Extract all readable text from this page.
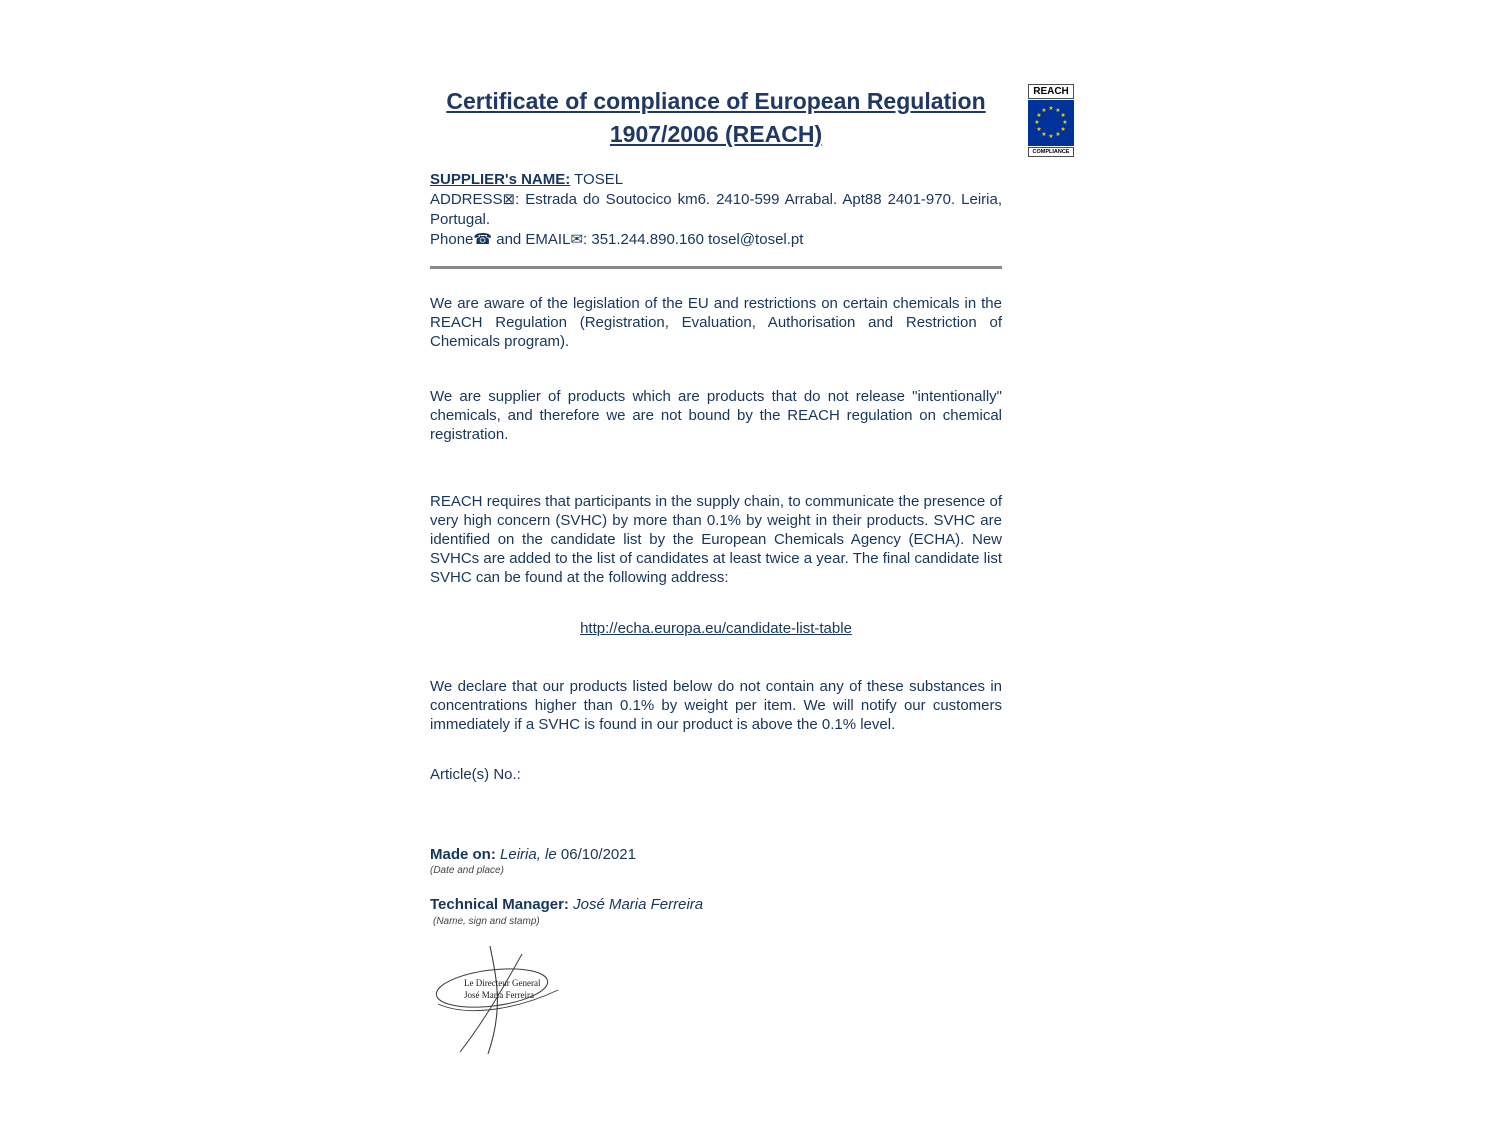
Certificate of compliance of European Regulation
1907/2006 (REACH)
REACH
★ ★
★
★
★
★
★
★
★
★
★
★
COMPLIANCE

SUPPLIER's NAME: TOSEL

ADDRESS⊠: Estrada do Soutocico km6. 2410-599 Arrabal. Apt88 2401-970. Leiria, Portugal.

Phone☎ and EMAIL✉: 351.244.890.160 tosel@tosel.pt

We are aware of the legislation of the EU and restrictions on certain chemicals in the REACH Regulation (Registration, Evaluation, Authorisation and Restriction of Chemicals program).

We are supplier of products which are products that do not release "intentionally" chemicals, and therefore we are not bound by the REACH regulation on chemical registration.

REACH requires that participants in the supply chain, to communicate the presence of very high concern (SVHC) by more than 0.1% by weight in their products. SVHC are identified on the candidate list by the European Chemicals Agency (ECHA). New SVHCs are added to the list of candidates at least twice a year. The final candidate list SVHC can be found at the following address:

http://echa.europa.eu/candidate-list-table

We declare that our products listed below do not contain any of these substances in concentrations higher than 0.1% by weight per item. We will notify our customers immediately if a SVHC is found in our product is above the 0.1% level.

Article(s) No.:
Made on: Leiria, le 06/10/2021
(Date and place)
Technical Manager: José Maria Ferreira
(Name, sign and stamp)
Le Directeur General
José Maria Ferreira
